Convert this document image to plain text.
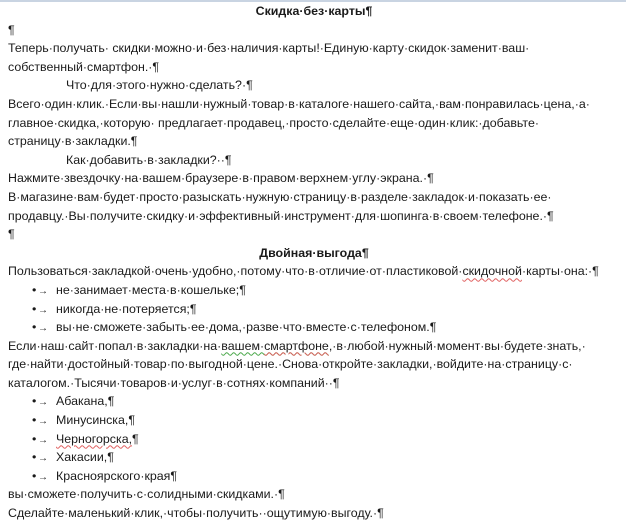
Скидка·без·карты¶
¶
Теперь·получать· скидки·можно·и·без·наличия·карты!·Единую·карту·скидок·заменит·ваш·
собственный·смартфон.·¶
Что·для·этого·нужно·сделать?·¶
Всего·один·клик.·Если·вы·нашли·нужный·товар·в·каталоге·нашего·сайта,·вам·понравилась·цена,·а·
главное·скидка,·которую· предлагает·продавец,·просто·сделайте·еще·один·клик:·добавьте·
страницу·в·закладки.¶
Как·добавить·в·закладки?··¶
Нажмите·звездочку·на·вашем·браузере·в·правом·верхнем·углу·экрана.·¶
В·магазине·вам·будет·просто·разыскать·нужную·страницу·в·разделе·закладок·и·показать·ее·
продавцу.·Вы·получите·скидку·и·эффективный·инструмент·для·шопинга·в·своем·телефоне.·¶
¶
Двойная·выгода¶
Пользоваться·закладкой·очень·удобно,·потому·что·в·отличие·от·пластиковой·скидочной·карты·она:·¶
• → не·занимает·места·в·кошельке;¶
• → никогда·не·потеряется;¶
• → вы·не·сможете·забыть·ее·дома,·разве·что·вместе·с·телефоном.¶
Если·наш·сайт·попал·в·закладки·на·вашем·смартфоне,·в·любой·нужный·момент·вы·будете·знать,·
где·найти·достойный·товар·по·выгодной·цене.·Снова·откройте·закладки,·войдите·на·страницу·с·
каталогом.·Тысячи·товаров·и·услуг·в·сотнях·компаний··¶
• → Абакана,¶
• → Минусинска,¶
• → Черногорска,¶
• → Хакасии,¶
• → Красноярского·края¶
вы·сможете·получить·с·солидными·скидками.·¶
Сделайте·маленький·клик,·чтобы·получить··ощутимую·выгоду.·¶
